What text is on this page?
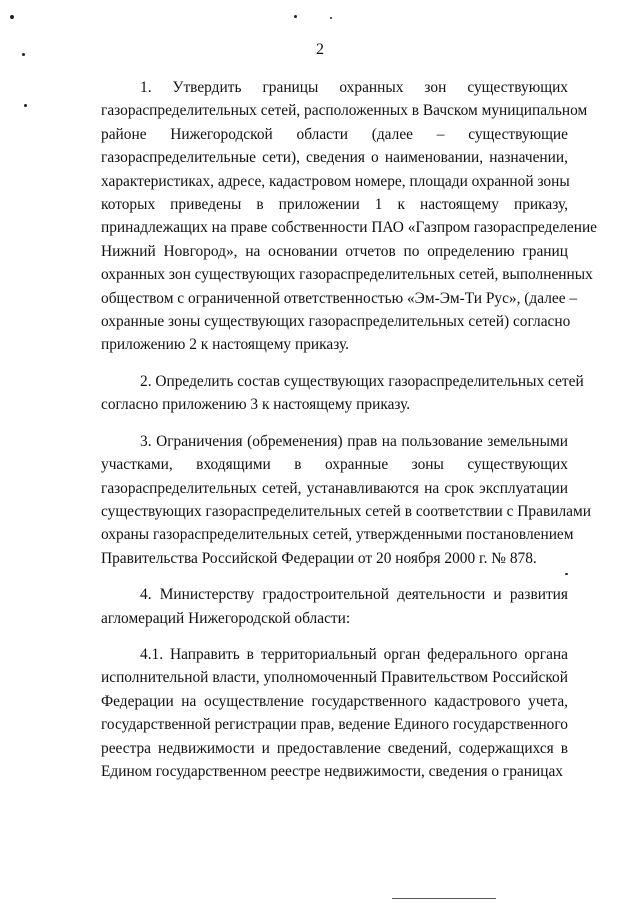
2
1. Утвердить границы охранных зон существующих
газораспределительных сетей, расположенных в Вачском муниципальном
районе Нижегородской области (далее – существующие
газораспределительные сети), сведения о наименовании, назначении,
характеристиках, адресе, кадастровом номере, площади охранной зоны
которых приведены в приложении 1 к настоящему приказу,
принадлежащих на праве собственности ПАО «Газпром газораспределение
Нижний Новгород», на основании отчетов по определению границ
охранных зон существующих газораспределительных сетей, выполненных
обществом с ограниченной ответственностью «Эм-Эм-Ти Рус», (далее –
охранные зоны существующих газораспределительных сетей) согласно
приложению 2 к настоящему приказу.
2. Определить состав существующих газораспределительных сетей
согласно приложению 3 к настоящему приказу.
3. Ограничения (обременения) прав на пользование земельными
участками, входящими в охранные зоны существующих
газораспределительных сетей, устанавливаются на срок эксплуатации
существующих газораспределительных сетей в соответствии с Правилами
охраны газораспределительных сетей, утвержденными постановлением
Правительства Российской Федерации от 20 ноября 2000 г. № 878.
4. Министерству градостроительной деятельности и развития
агломераций Нижегородской области:
4.1. Направить в территориальный орган федерального органа
исполнительной власти, уполномоченный Правительством Российской
Федерации на осуществление государственного кадастрового учета,
государственной регистрации прав, ведение Единого государственного
реестра недвижимости и предоставление сведений, содержащихся в
Едином государственном реестре недвижимости, сведения о границах
